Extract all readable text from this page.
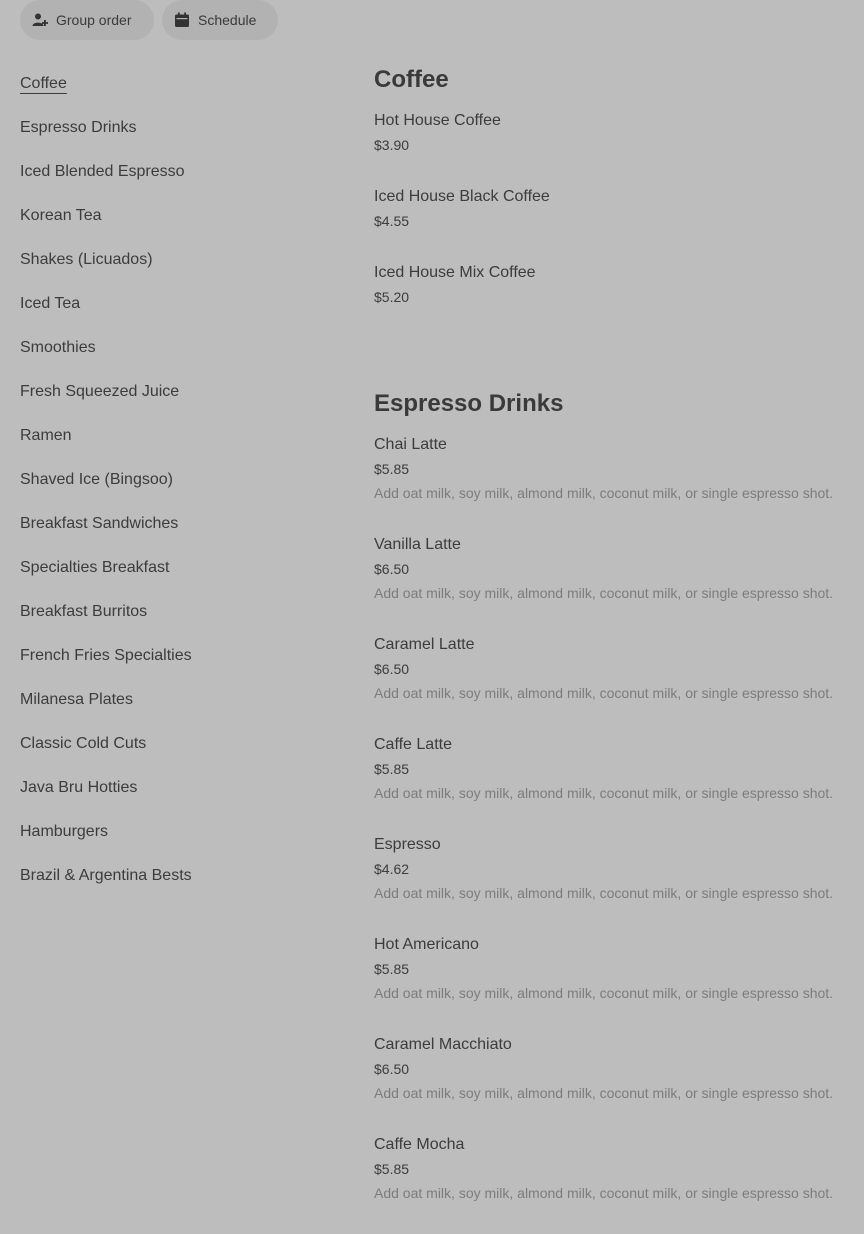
Group order	Schedule
Coffee
Espresso Drinks
Iced Blended Espresso
Korean Tea
Shakes (Licuados)
Iced Tea
Smoothies
Fresh Squeezed Juice
Ramen
Shaved Ice (Bingsoo)
Breakfast Sandwiches
Specialties Breakfast
Breakfast Burritos
French Fries Specialties
Milanesa Plates
Classic Cold Cuts
Java Bru Hotties
Hamburgers
Brazil & Argentina Bests
Coffee
Hot House Coffee
$3.90
Iced House Black Coffee
$4.55
Iced House Mix Coffee
$5.20
Espresso Drinks
Chai Latte
$5.85
Add oat milk, soy milk, almond milk, coconut milk, or single espresso shot.
Vanilla Latte
$6.50
Add oat milk, soy milk, almond milk, coconut milk, or single espresso shot.
Caramel Latte
$6.50
Add oat milk, soy milk, almond milk, coconut milk, or single espresso shot.
Caffe Latte
$5.85
Add oat milk, soy milk, almond milk, coconut milk, or single espresso shot.
Espresso
$4.62
Add oat milk, soy milk, almond milk, coconut milk, or single espresso shot.
Hot Americano
$5.85
Add oat milk, soy milk, almond milk, coconut milk, or single espresso shot.
Caramel Macchiato
$6.50
Add oat milk, soy milk, almond milk, coconut milk, or single espresso shot.
Caffe Mocha
$5.85
Add oat milk, soy milk, almond milk, coconut milk, or single espresso shot.
